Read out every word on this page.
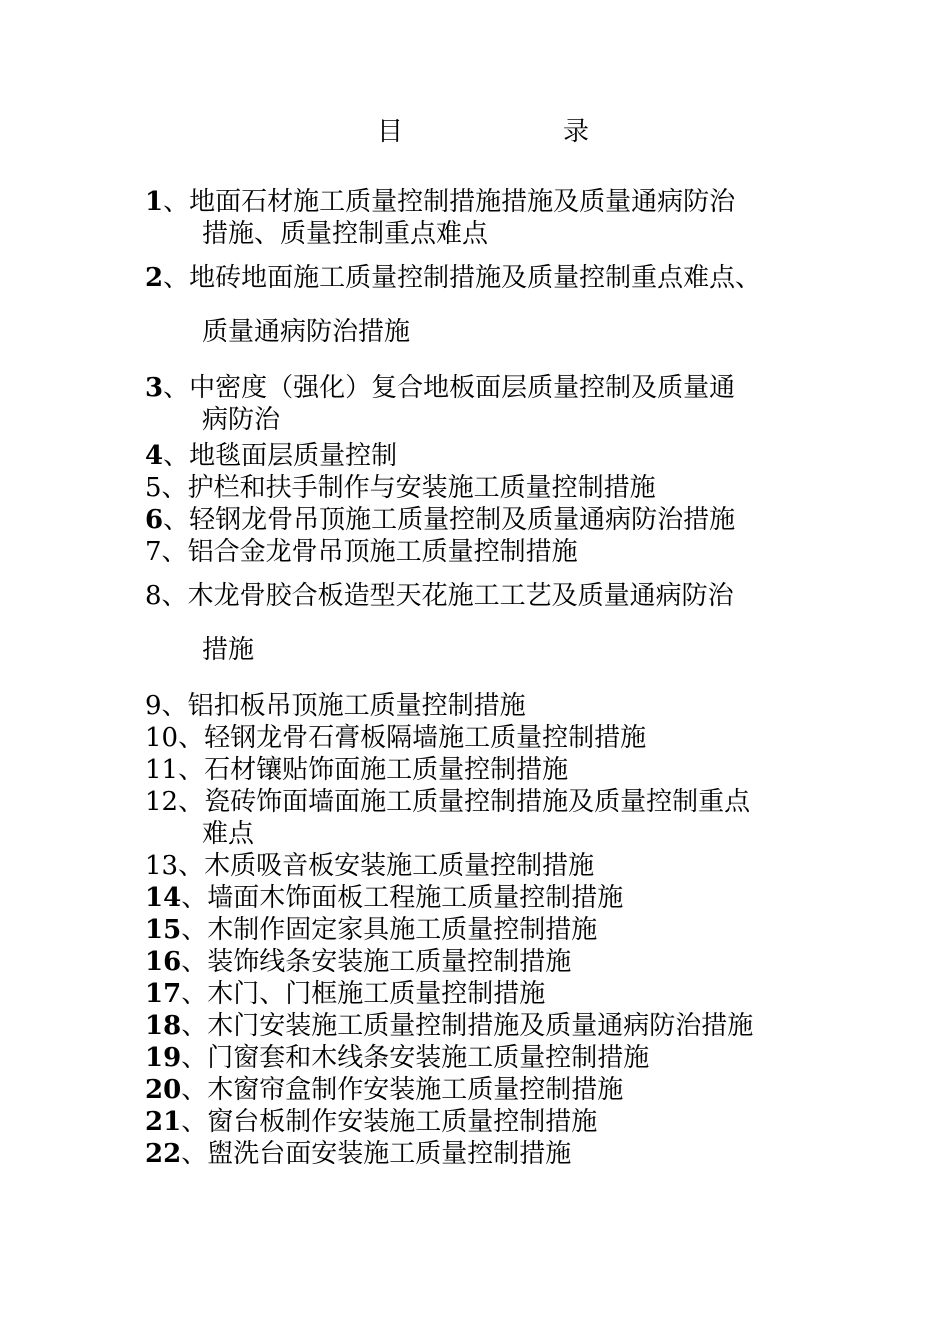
目	录
1、地面石材施工质量控制措施措施及质量通病防治
措施、质量控制重点难点
2、地砖地面施工质量控制措施及质量控制重点难点、
质量通病防治措施
3、中密度（强化）复合地板面层质量控制及质量通
病防治
4、地毯面层质量控制
5、护栏和扶手制作与安装施工质量控制措施
6、轻钢龙骨吊顶施工质量控制及质量通病防治措施
7、铝合金龙骨吊顶施工质量控制措施
8、木龙骨胶合板造型天花施工工艺及质量通病防治
措施
9、铝扣板吊顶施工质量控制措施
10、轻钢龙骨石膏板隔墙施工质量控制措施
11、石材镶贴饰面施工质量控制措施
12、瓷砖饰面墙面施工质量控制措施及质量控制重点
难点
13、木质吸音板安装施工质量控制措施
14、墙面木饰面板工程施工质量控制措施
15、木制作固定家具施工质量控制措施
16、装饰线条安装施工质量控制措施
17、木门、门框施工质量控制措施
18、木门安装施工质量控制措施及质量通病防治措施
19、门窗套和木线条安装施工质量控制措施
20、木窗帘盒制作安装施工质量控制措施
21、窗台板制作安装施工质量控制措施
22、盥洗台面安装施工质量控制措施
